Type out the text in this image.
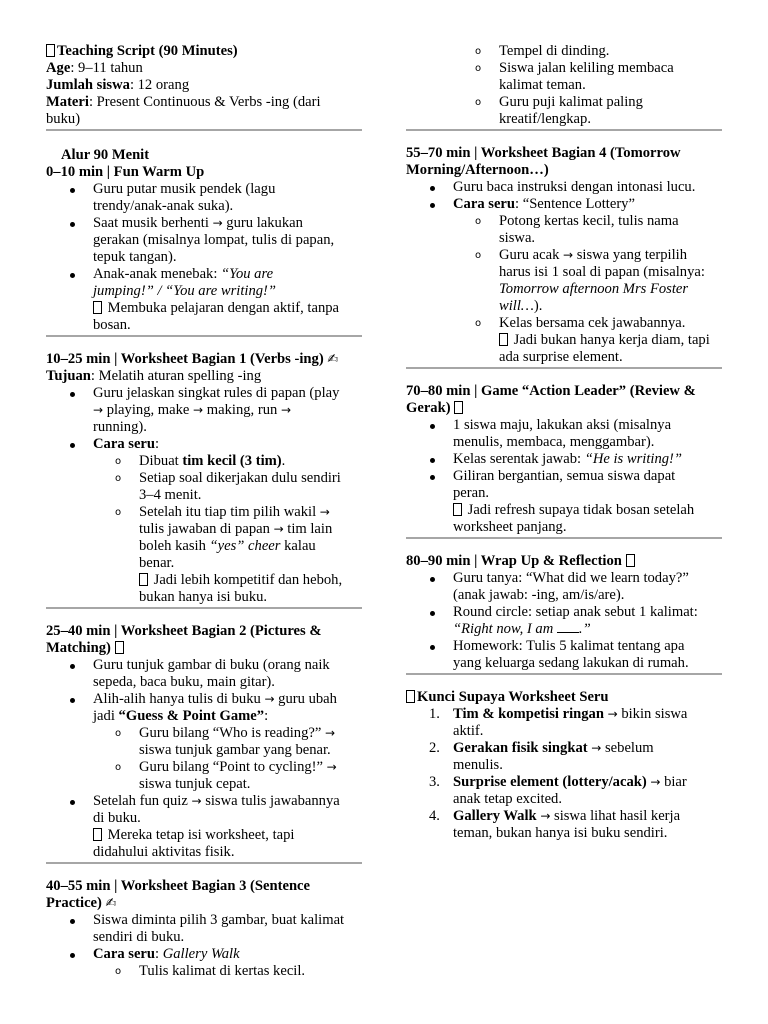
Teaching Script (90 Minutes)
Age: 9–11 tahun
Jumlah siswa: 12 orang
Materi: Present Continuous & Verbs -ing (dari
buku)
Alur 90 Menit
0–10 min | Fun Warm Up
Guru putar musik pendek (lagu
trendy/anak-anak suka).
Saat musik berhenti → guru lakukan
gerakan (misalnya lompat, tulis di papan,
tepuk tangan).
Anak-anak menebak: “You are
jumping!” / “You are writing!”
Membuka pelajaran dengan aktif, tanpa
bosan.
10–25 min | Worksheet Bagian 1 (Verbs -ing) ✍
Tujuan: Melatih aturan spelling -ing
Guru jelaskan singkat rules di papan (play
→ playing, make → making, run →
running).
Cara seru:
o Dibuat tim kecil (3 tim).
o Setiap soal dikerjakan dulu sendiri
3–4 menit.
o Setelah itu tiap tim pilih wakil →
tulis jawaban di papan → tim lain
boleh kasih “yes” cheer kalau
benar.
Jadi lebih kompetitif dan heboh,
bukan hanya isi buku.
25–40 min | Worksheet Bagian 2 (Pictures &
Matching)
Guru tunjuk gambar di buku (orang naik
sepeda, baca buku, main gitar).
Alih-alih hanya tulis di buku → guru ubah
jadi “Guess & Point Game”:
o Guru bilang “Who is reading?” →
siswa tunjuk gambar yang benar.
o Guru bilang “Point to cycling!” →
siswa tunjuk cepat.
Setelah fun quiz → siswa tulis jawabannya
di buku.
Mereka tetap isi worksheet, tapi
didahului aktivitas fisik.
40–55 min | Worksheet Bagian 3 (Sentence
Practice) ✍
Siswa diminta pilih 3 gambar, buat kalimat
sendiri di buku.
Cara seru: Gallery Walk
o Tulis kalimat di kertas kecil.
o Tempel di dinding.
o Siswa jalan keliling membaca
kalimat teman.
o Guru puji kalimat paling
kreatif/lengkap.
55–70 min | Worksheet Bagian 4 (Tomorrow
Morning/Afternoon…)
Guru baca instruksi dengan intonasi lucu.
Cara seru: “Sentence Lottery”
o Potong kertas kecil, tulis nama
siswa.
o Guru acak → siswa yang terpilih
harus isi 1 soal di papan (misalnya:
Tomorrow afternoon Mrs Foster
will…).
o Kelas bersama cek jawabannya.
Jadi bukan hanya kerja diam, tapi
ada surprise element.
70–80 min | Game “Action Leader” (Review &
Gerak)
1 siswa maju, lakukan aksi (misalnya
menulis, membaca, menggambar).
Kelas serentak jawab: “He is writing!”
Giliran bergantian, semua siswa dapat
peran.
Jadi refresh supaya tidak bosan setelah
worksheet panjang.
80–90 min | Wrap Up & Reflection
Guru tanya: “What did we learn today?”
(anak jawab: -ing, am/is/are).
Round circle: setiap anak sebut 1 kalimat:
“Right now, I am .”
Homework: Tulis 5 kalimat tentang apa
yang keluarga sedang lakukan di rumah.
Kunci Supaya Worksheet Seru
1. Tim & kompetisi ringan → bikin siswa
aktif.
2. Gerakan fisik singkat → sebelum
menulis.
3. Surprise element (lottery/acak) → biar
anak tetap excited.
4. Gallery Walk → siswa lihat hasil kerja
teman, bukan hanya isi buku sendiri.
